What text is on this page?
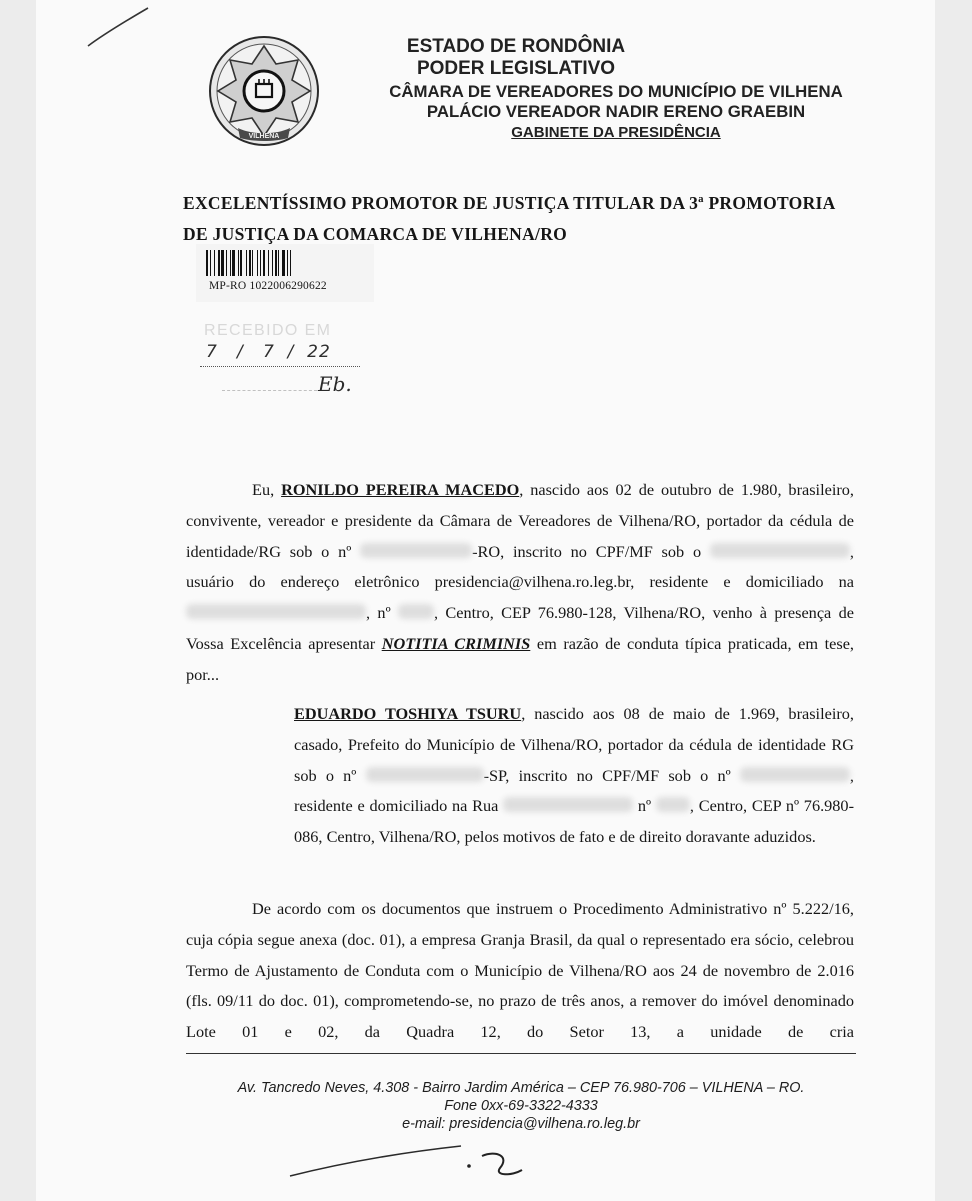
VILHENA
ESTADO DE RONDÔNIA
PODER LEGISLATIVO
CÂMARA DE VEREADORES DO MUNICÍPIO DE VILHENA
PALÁCIO VEREADOR NADIR ERENO GRAEBIN
GABINETE DA PRESIDÊNCIA
EXCELENTÍSSIMO PROMOTOR DE JUSTIÇA TITULAR DA 3ª PROMOTORIA
DE JUSTIÇA DA COMARCA DE VILHENA/RO
MP-RO 1022006290622
RECEBIDO EM
7   /   7  /  22
Eb.

Eu, RONILDO PEREIRA MACEDO, nascido aos 02 de outubro de 1.980, brasileiro, convivente, vereador e presidente da Câmara de Vereadores de Vilhena/RO, portador da cédula de identidade/RG sob o nº	-RO, inscrito no CPF/MF sob o	, usuário do endereço eletrônico presidencia@vilhena.ro.leg.br, residente e domiciliado na , nº , Centro, CEP 76.980-128, Vilhena/RO, venho à presença de Vossa Excelência apresentar NOTITIA CRIMINIS em razão de conduta típica praticada, em tese, por...

EDUARDO TOSHIYA TSURU, nascido aos 08 de maio de 1.969, brasileiro, casado, Prefeito do Município de Vilhena/RO, portador da cédula de identidade RG sob o nº	-SP, inscrito no CPF/MF sob o nº	, residente e domiciliado na Rua	nº , Centro, CEP nº 76.980-086, Centro, Vilhena/RO, pelos motivos de fato e de direito doravante aduzidos.

De acordo com os documentos que instruem o Procedimento Administrativo nº 5.222/16, cuja cópia segue anexa (doc. 01), a empresa Granja Brasil, da qual o representado era sócio, celebrou Termo de Ajustamento de Conduta com o Município de Vilhena/RO aos 24 de novembro de 2.016 (fls. 09/11 do doc. 01), comprometendo-se, no prazo de três anos, a remover do imóvel denominado Lote 01 e 02, da Quadra 12, do Setor 13, a unidade de cria

Av. Tancredo Neves, 4.308 - Bairro Jardim América – CEP 76.980-706 – VILHENA – RO.
Fone 0xx-69-3322-4333
e-mail: presidencia@vilhena.ro.leg.br
